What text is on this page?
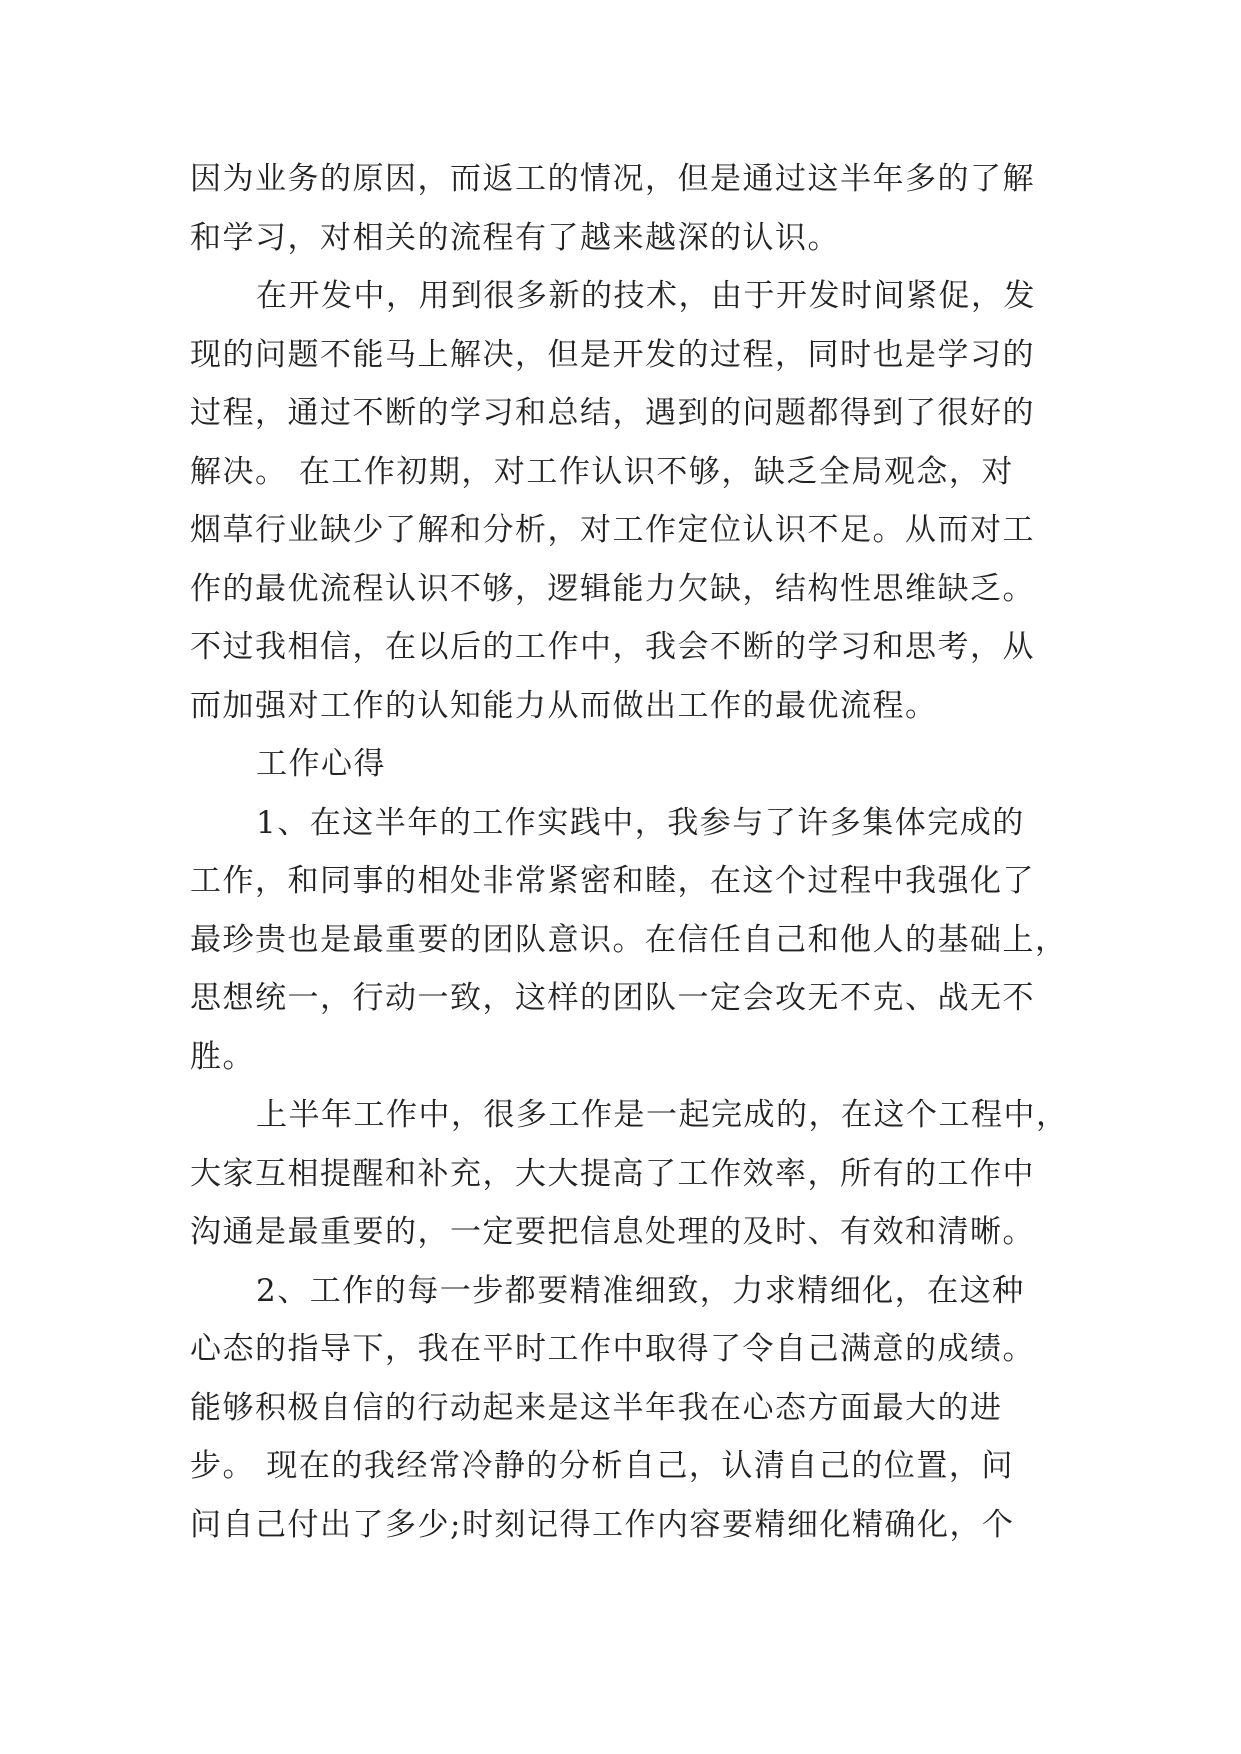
因为业务的原因，而返工的情况，但是通过这半年多的了解
和学习，对相关的流程有了越来越深的认识。
在开发中，用到很多新的技术，由于开发时间紧促，发
现的问题不能马上解决，但是开发的过程，同时也是学习的
过程，通过不断的学习和总结，遇到的问题都得到了很好的
解决。 在工作初期，对工作认识不够，缺乏全局观念，对
烟草行业缺少了解和分析，对工作定位认识不足。从而对工
作的最优流程认识不够，逻辑能力欠缺，结构性思维缺乏。
不过我相信，在以后的工作中，我会不断的学习和思考，从
而加强对工作的认知能力从而做出工作的最优流程。
工作心得
1、在这半年的工作实践中，我参与了许多集体完成的
工作，和同事的相处非常紧密和睦，在这个过程中我强化了
最珍贵也是最重要的团队意识。在信任自己和他人的基础上，
思想统一，行动一致，这样的团队一定会攻无不克、战无不
胜。
上半年工作中，很多工作是一起完成的，在这个工程中，
大家互相提醒和补充，大大提高了工作效率，所有的工作中
沟通是最重要的，一定要把信息处理的及时、有效和清晰。
2、工作的每一步都要精准细致，力求精细化，在这种
心态的指导下，我在平时工作中取得了令自己满意的成绩。
能够积极自信的行动起来是这半年我在心态方面最大的进
步。 现在的我经常冷静的分析自己，认清自己的位置，问
问自己付出了多少;时刻记得工作内容要精细化精确化，个
